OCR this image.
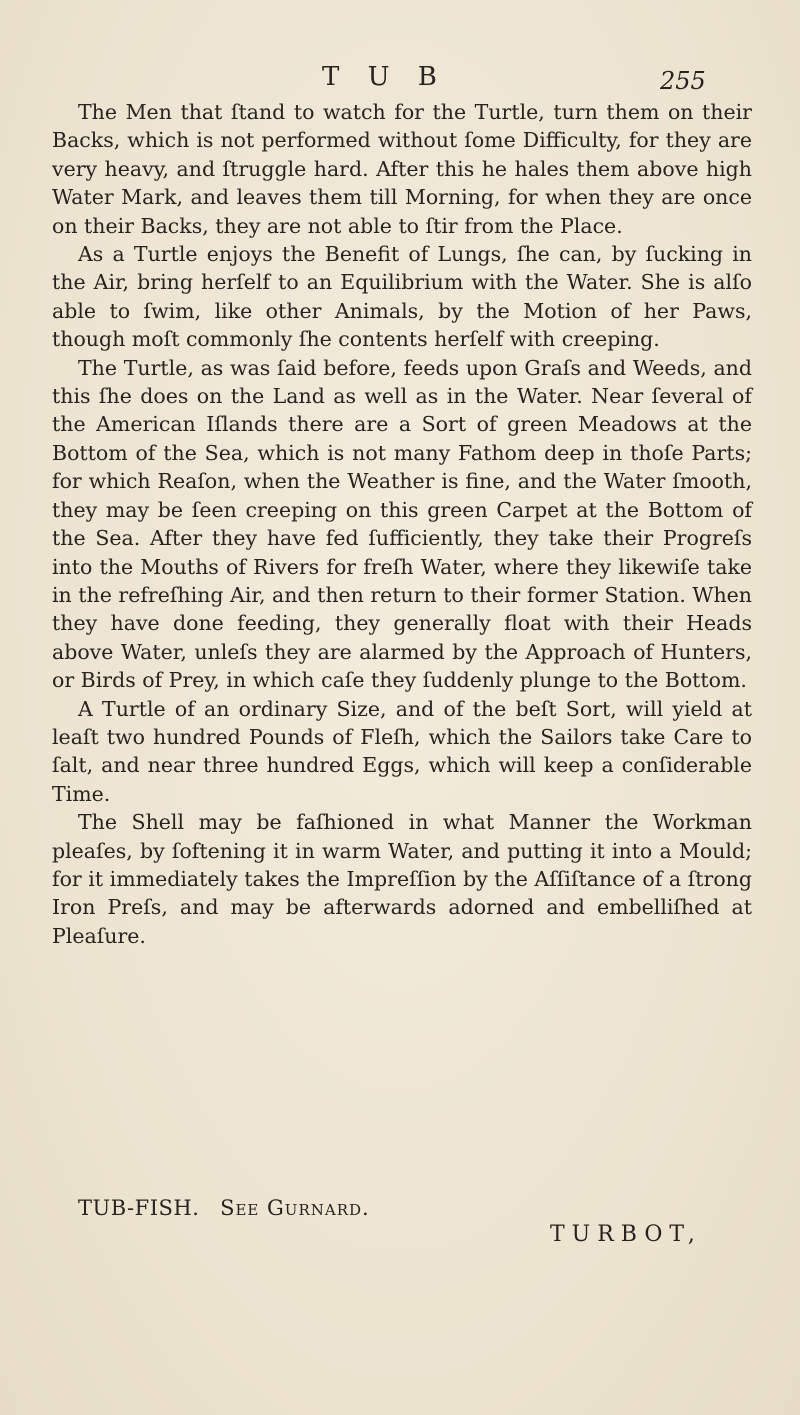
T U B	255

The Men that ſtand to watch for the Turtle, turn them on their Backs, which is not performed without ſome Difficulty, for they are very heavy, and ſtruggle hard. After this he hales them above high Water Mark, and leaves them till Morning, for when they are once on their Backs, they are not able to ſtir from the Place.

As a Turtle enjoys the Benefit of Lungs, ſhe can, by ſucking in the Air, bring herſelf to an Equilibrium with the Water. She is alſo able to ſwim, like other Animals, by the Motion of her Paws, though moſt commonly ſhe contents herſelf with creeping.

The Turtle, as was ſaid before, feeds upon Graſs and Weeds, and this ſhe does on the Land as well as in the Water. Near ſeveral of the American Iſlands there are a Sort of green Meadows at the Bottom of the Sea, which is not many Fathom deep in thoſe Parts; for which Reaſon, when the Weather is fine, and the Water ſmooth, they may be ſeen creeping on this green Carpet at the Bottom of the Sea. After they have fed ſufficiently, they take their Progreſs into the Mouths of Rivers for freſh Water, where they likewiſe take in the refreſhing Air, and then return to their former Station. When they have done feeding, they generally float with their Heads above Water, unleſs they are alarmed by the Approach of Hunters, or Birds of Prey, in which caſe they ſuddenly plunge to the Bottom.

A Turtle of an ordinary Size, and of the beſt Sort, will yield at leaſt two hundred Pounds of Fleſh, which the Sailors take Care to ſalt, and near three hundred Eggs, which will keep a conſiderable Time.

The Shell may be faſhioned in what Manner the Workman pleaſes, by ſoftening it in warm Water, and putting it into a Mould; for it immediately takes the Impreſſion by the Aſſiſtance of a ſtrong Iron Preſs, and may be afterwards adorned and embelliſhed at Pleaſure.

TUB-FISH. See Gurnard.
TURBOT,
